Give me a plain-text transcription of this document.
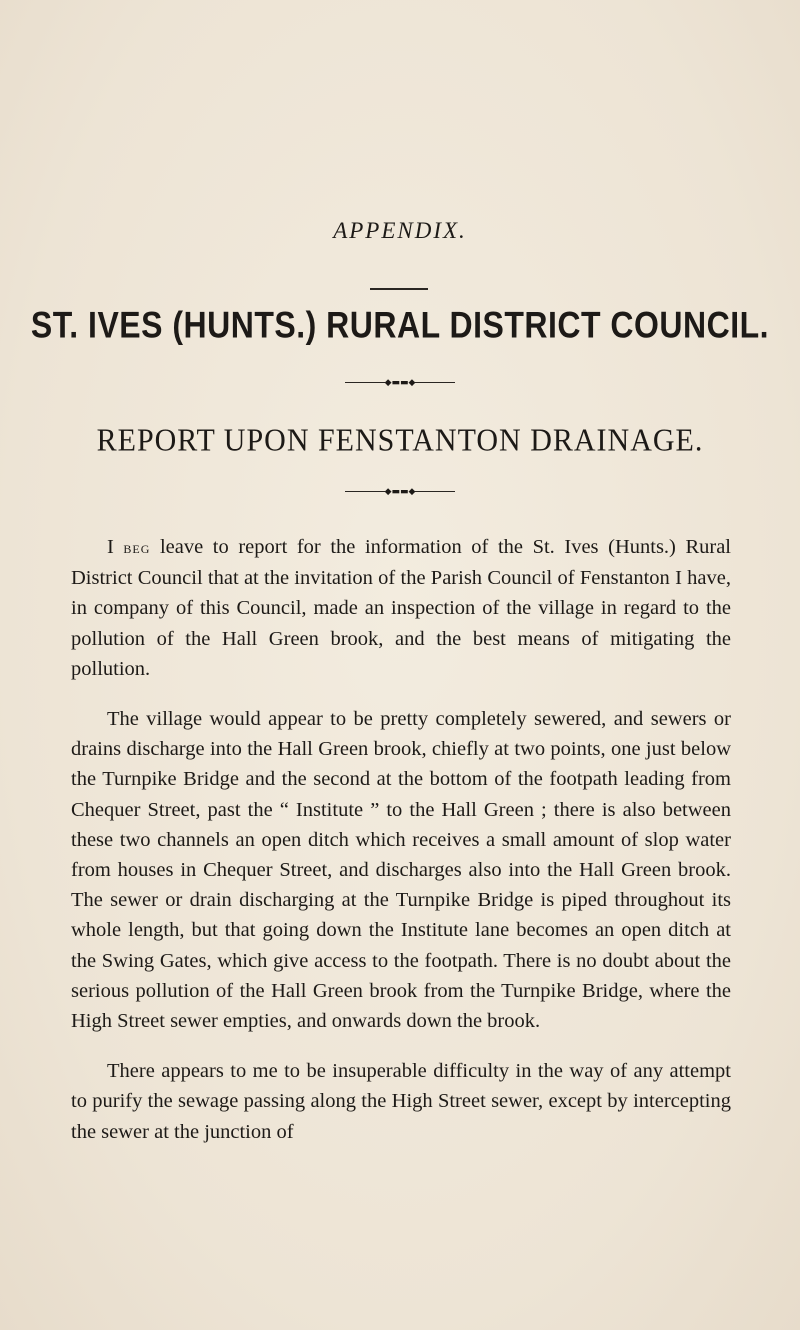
APPENDIX.
ST. IVES (HUNTS.) RURAL DISTRICT COUNCIL.
◆▬▬◆
REPORT UPON FENSTANTON DRAINAGE.
◆▬▬◆

I beg leave to report for the information of the St. Ives (Hunts.) Rural District Council that at the invitation of the Parish Council of Fenstanton I have, in company of this Council, made an inspection of the village in regard to the pollution of the Hall Green brook, and the best means of mitigating the pollution.

The village would appear to be pretty completely sewered, and sewers or drains discharge into the Hall Green brook, chiefly at two points, one just below the Turnpike Bridge and the second at the bottom of the footpath leading from Chequer Street, past the “ Institute ” to the Hall Green ; there is also between these two channels an open ditch which receives a small amount of slop water from houses in Chequer Street, and discharges also into the Hall Green brook. The sewer or drain discharging at the Turnpike Bridge is piped throughout its whole length, but that going down the Institute lane becomes an open ditch at the Swing Gates, which give access to the footpath. There is no doubt about the serious pollution of the Hall Green brook from the Turnpike Bridge, where the High Street sewer empties, and onwards down the brook.

There appears to me to be insuperable difficulty in the way of any attempt to purify the sewage passing along the High Street sewer, except by intercepting the sewer at the junction of
